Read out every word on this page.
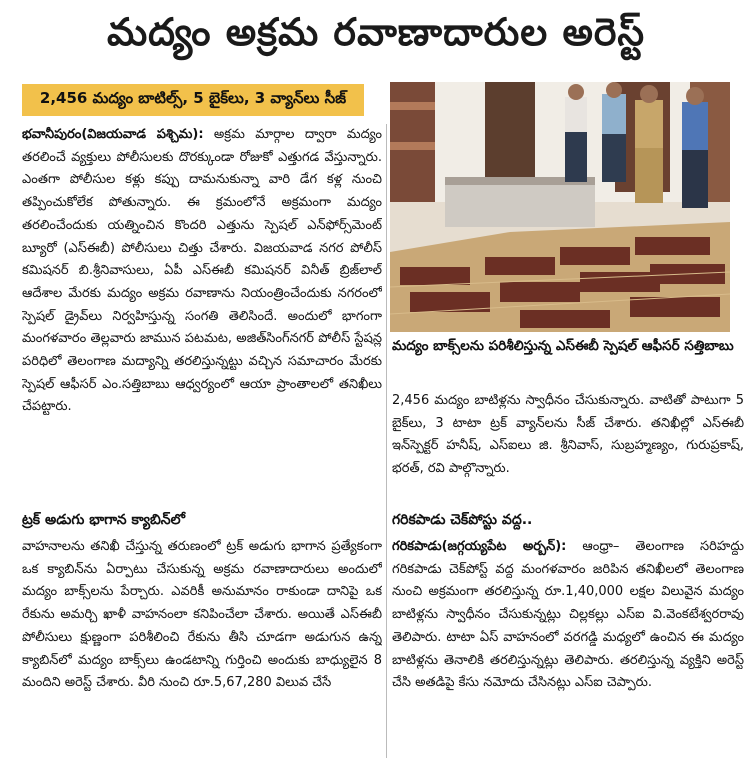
మద్యం అక్రమ రవాణాదారుల అరెస్ట్
2,456 మద్యం బాటిల్స్, 5 బైక్‌లు, 3 వ్యాన్‌లు సీజ్

భవానీపురం(విజయవాడ పశ్చిమ): అక్రమ మార్గాల ద్వారా మద్యం తరలించే వ్యక్తులు పోలీసులకు దొరక్కుండా రోజుకో ఎత్తుగడ వేస్తున్నారు. ఎంతగా పోలీసుల కళ్లు కప్పు దామనుకున్నా వారి డేగ కళ్ల నుంచి తప్పించుకోలేక పోతున్నారు. ఈ క్రమంలోనే అక్రమంగా మద్యం తరలించేందుకు యత్నించిన కొందరి ఎత్తును స్పెషల్ ఎన్‌ఫోర్స్‌మెంట్ బ్యూరో (ఎస్‌ఈబీ) పోలీసులు చిత్తు చేశారు. విజయవాడ నగర పోలీస్ కమిషనర్ బి.శ్రీనివాసులు, ఏపీ ఎస్‌ఈబీ కమిషనర్ వినీత్ బ్రిజ్‌లాల్ ఆదేశాల మేరకు మద్యం అక్రమ రవాణాను నియంత్రించేందుకు నగరంలో స్పెషల్ డ్రైవ్‌లు నిర్వహిస్తున్న సంగతి తెలిసిందే. అందులో భాగంగా మంగళవారం తెల్లవారు జామున పటమట, అజిత్‌సింగ్‌నగర్ పోలీస్ స్టేషన్ల పరిధిలో తెలంగాణ మద్యాన్ని తరలిస్తున్నట్టు వచ్చిన సమాచారం మేరకు స్పెషల్ ఆఫీసర్ ఎం.సత్తిబాబు ఆధ్వర్యంలో ఆయా ప్రాంతాలలో తనిఖీలు చేపట్టారు.

ట్రక్ అడుగు భాగాన క్యాబిన్‌లో

వాహనాలను తనిఖీ చేస్తున్న తరుణంలో ట్రక్ అడుగు భాగాన ప్రత్యేకంగా ఒక క్యాబిన్‌ను ఏర్పాటు చేసుకున్న అక్రమ రవాణాదారులు అందులో మద్యం బాక్స్‌లను పేర్చారు. ఎవరికీ అనుమానం రాకుండా దానిపై ఒక రేకును అమర్చి ఖాళీ వాహనంలా కనిపించేలా చేశారు. అయితే ఎస్‌ఈబీ పోలీసులు క్షుణ్ణంగా పరిశీలించి రేకును తీసి చూడగా అడుగున ఉన్న క్యాబిన్‌లో మద్యం బాక్స్‌లు ఉండటాన్ని గుర్తించి అందుకు బాధ్యులైన 8 మందిని అరెస్ట్ చేశారు. వీరి నుంచి రూ.5,67,280 విలువ చేసే

మద్యం బాక్స్‌లను పరిశీలిస్తున్న ఎస్‌ఈబీ స్పెషల్ ఆఫీసర్ సత్తిబాబు

2,456 మద్యం బాటిళ్లను స్వాధీనం చేసుకున్నారు. వాటితో పాటుగా 5 బైక్‌లు, 3 టాటా ట్రక్ వ్యాన్‌లను సీజ్ చేశారు. తనిఖీల్లో ఎస్‌ఈబీ ఇన్‌స్పెక్టర్ హనీష్, ఎస్‌ఐలు జి. శ్రీనివాస్, సుబ్రహ్మణ్యం, గురుప్రకాష్, భరత్, రవి పాల్గొన్నారు.

గరికపాడు చెక్‌పోస్టు వద్ద..

గరికపాడు(జగ్గయ్యపేట అర్బన్): ఆంధ్రా– తెలంగాణ సరిహద్దు గరికపాడు చెక్‌పోస్ట్ వద్ద మంగళవారం జరిపిన తనిఖీలలో తెలంగాణ నుంచి అక్రమంగా తరలిస్తున్న రూ.1,40,000 లక్షల విలువైన మద్యం బాటిళ్లను స్వాధీనం చేసుకున్నట్లు చిల్లకల్లు ఎస్ఐ వి.వెంకటేశ్వరరావు తెలిపారు. టాటా ఏస్ వాహనంలో వరగడ్డి మధ్యలో ఉంచిన ఈ మద్యం బాటిళ్లను తెనాలికి తరలిస్తున్నట్లు తెలిపారు. తరలిస్తున్న వ్యక్తిని అరెస్ట్ చేసి అతడిపై కేసు నమోదు చేసినట్లు ఎస్ఐ చెప్పారు.
